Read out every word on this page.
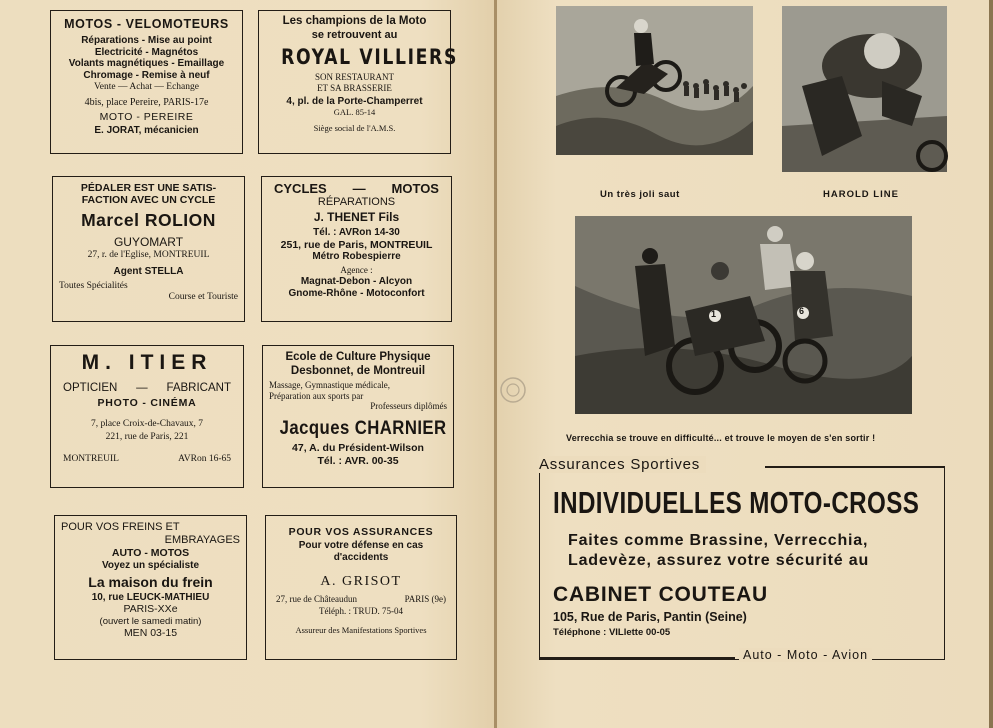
MOTOS - VELOMOTEURS
Réparations - Mise au point
Electricité - Magnétos
Volants magnétiques - Emaillage
Chromage - Remise à neuf
Vente — Achat — Echange
4bis, place Pereire, PARIS-17e
MOTO - PEREIRE
E. JORAT, mécanicien
Les champions de la Moto
se retrouvent au
ROYAL VILLIERS
SON RESTAURANT
ET SA BRASSERIE
4, pl. de la Porte-Champerret
GAL. 85-14
Siège social de l'A.M.S.
PÉDALER EST UNE SATIS-
FACTION AVEC UN CYCLE
Marcel ROLION
GUYOMART
27, r. de l'Eglise, MONTREUIL
Agent STELLA
Toutes Spécialités
Course et Touriste
CYCLES — MOTOS
RÉPARATIONS
J. THENET Fils
Tél. : AVRon 14-30
251, rue de Paris, MONTREUIL
Métro Robespierre
Agence :
Magnat-Debon - Alcyon
Gnome-Rhône - Motoconfort
M. ITIER
OPTICIEN — FABRICANT
PHOTO - CINÉMA
7, place Croix-de-Chavaux, 7
221, rue de Paris, 221
MONTREUIL	AVRon 16-65
Ecole de Culture Physique
Desbonnet, de Montreuil
Massage, Gymnastique médicale,
Préparation aux sports par
Professeurs diplômés
Jacques CHARNIER
47, A. du Président-Wilson
Tél. : AVR. 00-35
POUR VOS FREINS ET
EMBRAYAGES
AUTO - MOTOS
Voyez un spécialiste
La maison du frein
10, rue LEUCK-MATHIEU
PARIS-XXe
(ouvert le samedi matin)
MEN 03-15
POUR VOS ASSURANCES
Pour votre défense en cas
d'accidents
A. GRISOT
27, rue de Châteaudun	PARIS (9e)
Téléph. : TRUD. 75-04
Assureur des Manifestations Sportives
Un très joli saut	HAROLD LINE
1	6
Verrecchia se trouve en difficulté... et trouve le moyen de s'en sortir !
Assurances Sportives
INDIVIDUELLES MOTO-CROSS
Faites comme Brassine, Verrecchia,
Ladevèze, assurez votre sécurité au
CABINET COUTEAU
105, Rue de Paris, Pantin (Seine)
Téléphone : VILlette 00-05
Auto - Moto - Avion
